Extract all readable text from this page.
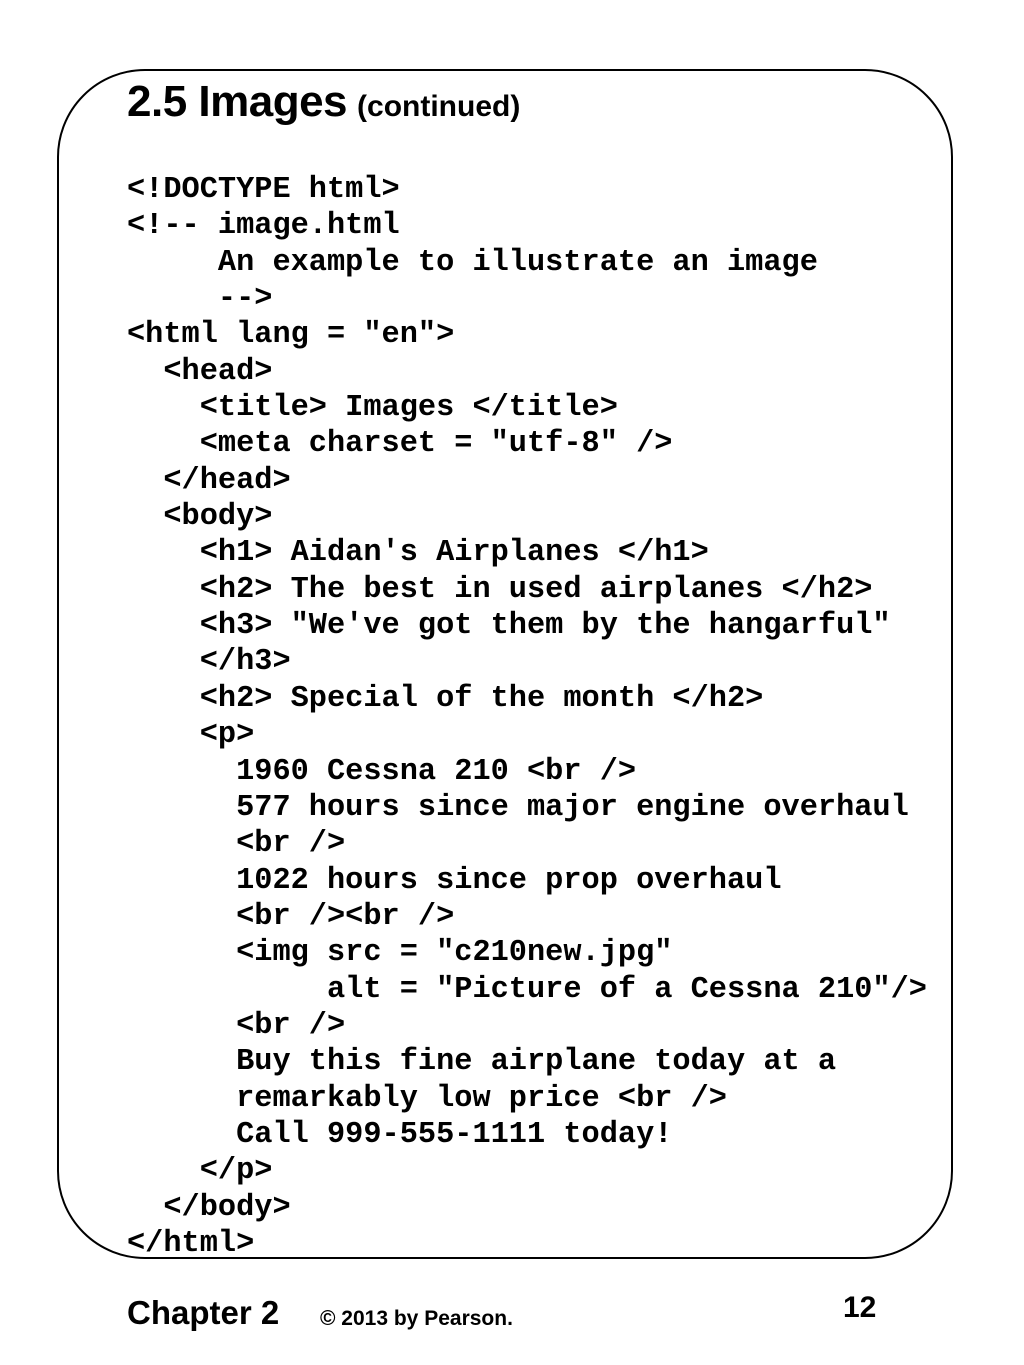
2.5 Images (continued)
<!DOCTYPE html>
<!-- image.html
An example to illustrate an image
-->
<html lang = ″en″>
<head>
<title> Images </title>
<meta charset = ″utf-8″ />
</head>
<body>
<h1> Aidan's Airplanes </h1>
<h2> The best in used airplanes </h2>
<h3> "We've got them by the hangarful"
</h3>
<h2> Special of the month </h2>
<p>
1960 Cessna 210 <br />
577 hours since major engine overhaul
<br />
1022 hours since prop overhaul
<br /><br />
<img src = "c210new.jpg"
alt = "Picture of a Cessna 210"/>
<br />
Buy this fine airplane today at a
remarkably low price <br />
Call 999-555-1111 today!
</p>
</body>
</html>
Chapter 2 © 2013 by Pearson.	12
